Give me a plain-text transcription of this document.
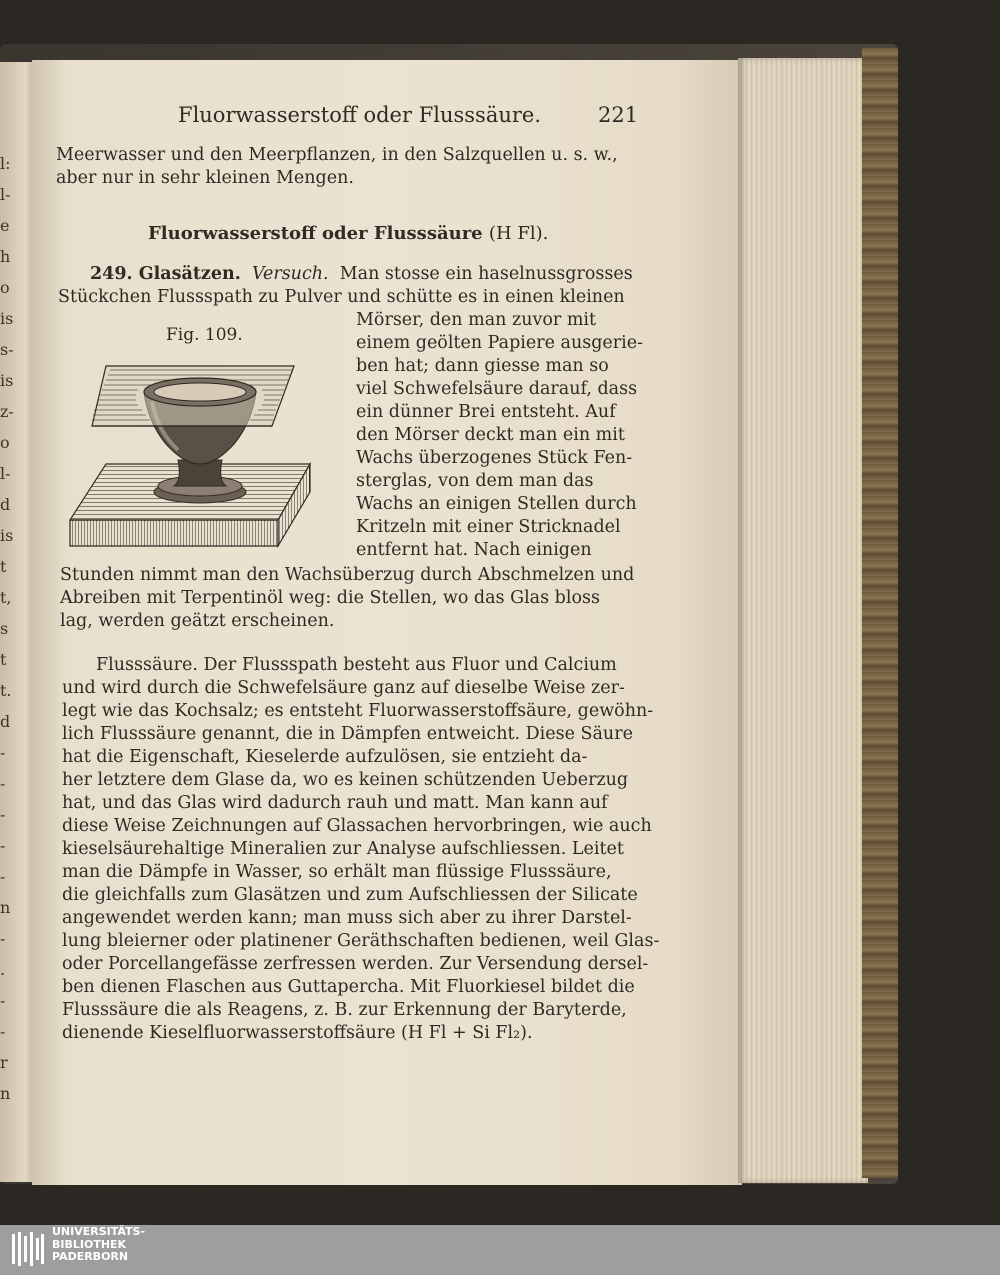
l:
l-
e
h
o
is
s-
is
z-
o
l-
d
is
t
t,
s
t
t.
d
-
-
-
-
-
n
-
.
-
-
r
n
Fluorwasserstoff oder Flusssäure.	221
Meerwasser und den Meerpflanzen, in den Salzquellen u. s. w.,
aber nur in sehr kleinen Mengen.
Fluorwasserstoff oder Flusssäure (H Fl).
249. Glasätzen. Versuch. Man stosse ein haselnussgrosses
Stückchen Flussspath zu Pulver und schütte es in einen kleinen
Mörser, den man zuvor mit
einem geölten Papiere ausgerie-
ben hat; dann giesse man so
viel Schwefelsäure darauf, dass
ein dünner Brei entsteht. Auf
den Mörser deckt man ein mit
Wachs überzogenes Stück Fen-
sterglas, von dem man das
Wachs an einigen Stellen durch
Kritzeln mit einer Stricknadel
entfernt hat. Nach einigen
Stunden nimmt man den Wachsüberzug durch Abschmelzen und
Abreiben mit Terpentinöl weg: die Stellen, wo das Glas bloss
lag, werden geätzt erscheinen.
Fig. 109.
Flusssäure. Der Flussspath besteht aus Fluor und Calcium
und wird durch die Schwefelsäure ganz auf dieselbe Weise zer-
legt wie das Kochsalz; es entsteht Fluorwasserstoffsäure, gewöhn-
lich Flusssäure genannt, die in Dämpfen entweicht. Diese Säure
hat die Eigenschaft, Kieselerde aufzulösen, sie entzieht da-
her letztere dem Glase da, wo es keinen schützenden Ueberzug
hat, und das Glas wird dadurch rauh und matt. Man kann auf
diese Weise Zeichnungen auf Glassachen hervorbringen, wie auch
kieselsäurehaltige Mineralien zur Analyse aufschliessen. Leitet
man die Dämpfe in Wasser, so erhält man flüssige Flusssäure,
die gleichfalls zum Glasätzen und zum Aufschliessen der Silicate
angewendet werden kann; man muss sich aber zu ihrer Darstel-
lung bleierner oder platinener Geräthschaften bedienen, weil Glas-
oder Porcellangefässe zerfressen werden. Zur Versendung dersel-
ben dienen Flaschen aus Guttapercha. Mit Fluorkiesel bildet die
Flusssäure die als Reagens, z. B. zur Erkennung der Baryterde,
dienende Kieselfluorwasserstoffsäure (H Fl + Si Fl₂).
UNIVERSITÄTS-
BIBLIOTHEK
PADERBORN
